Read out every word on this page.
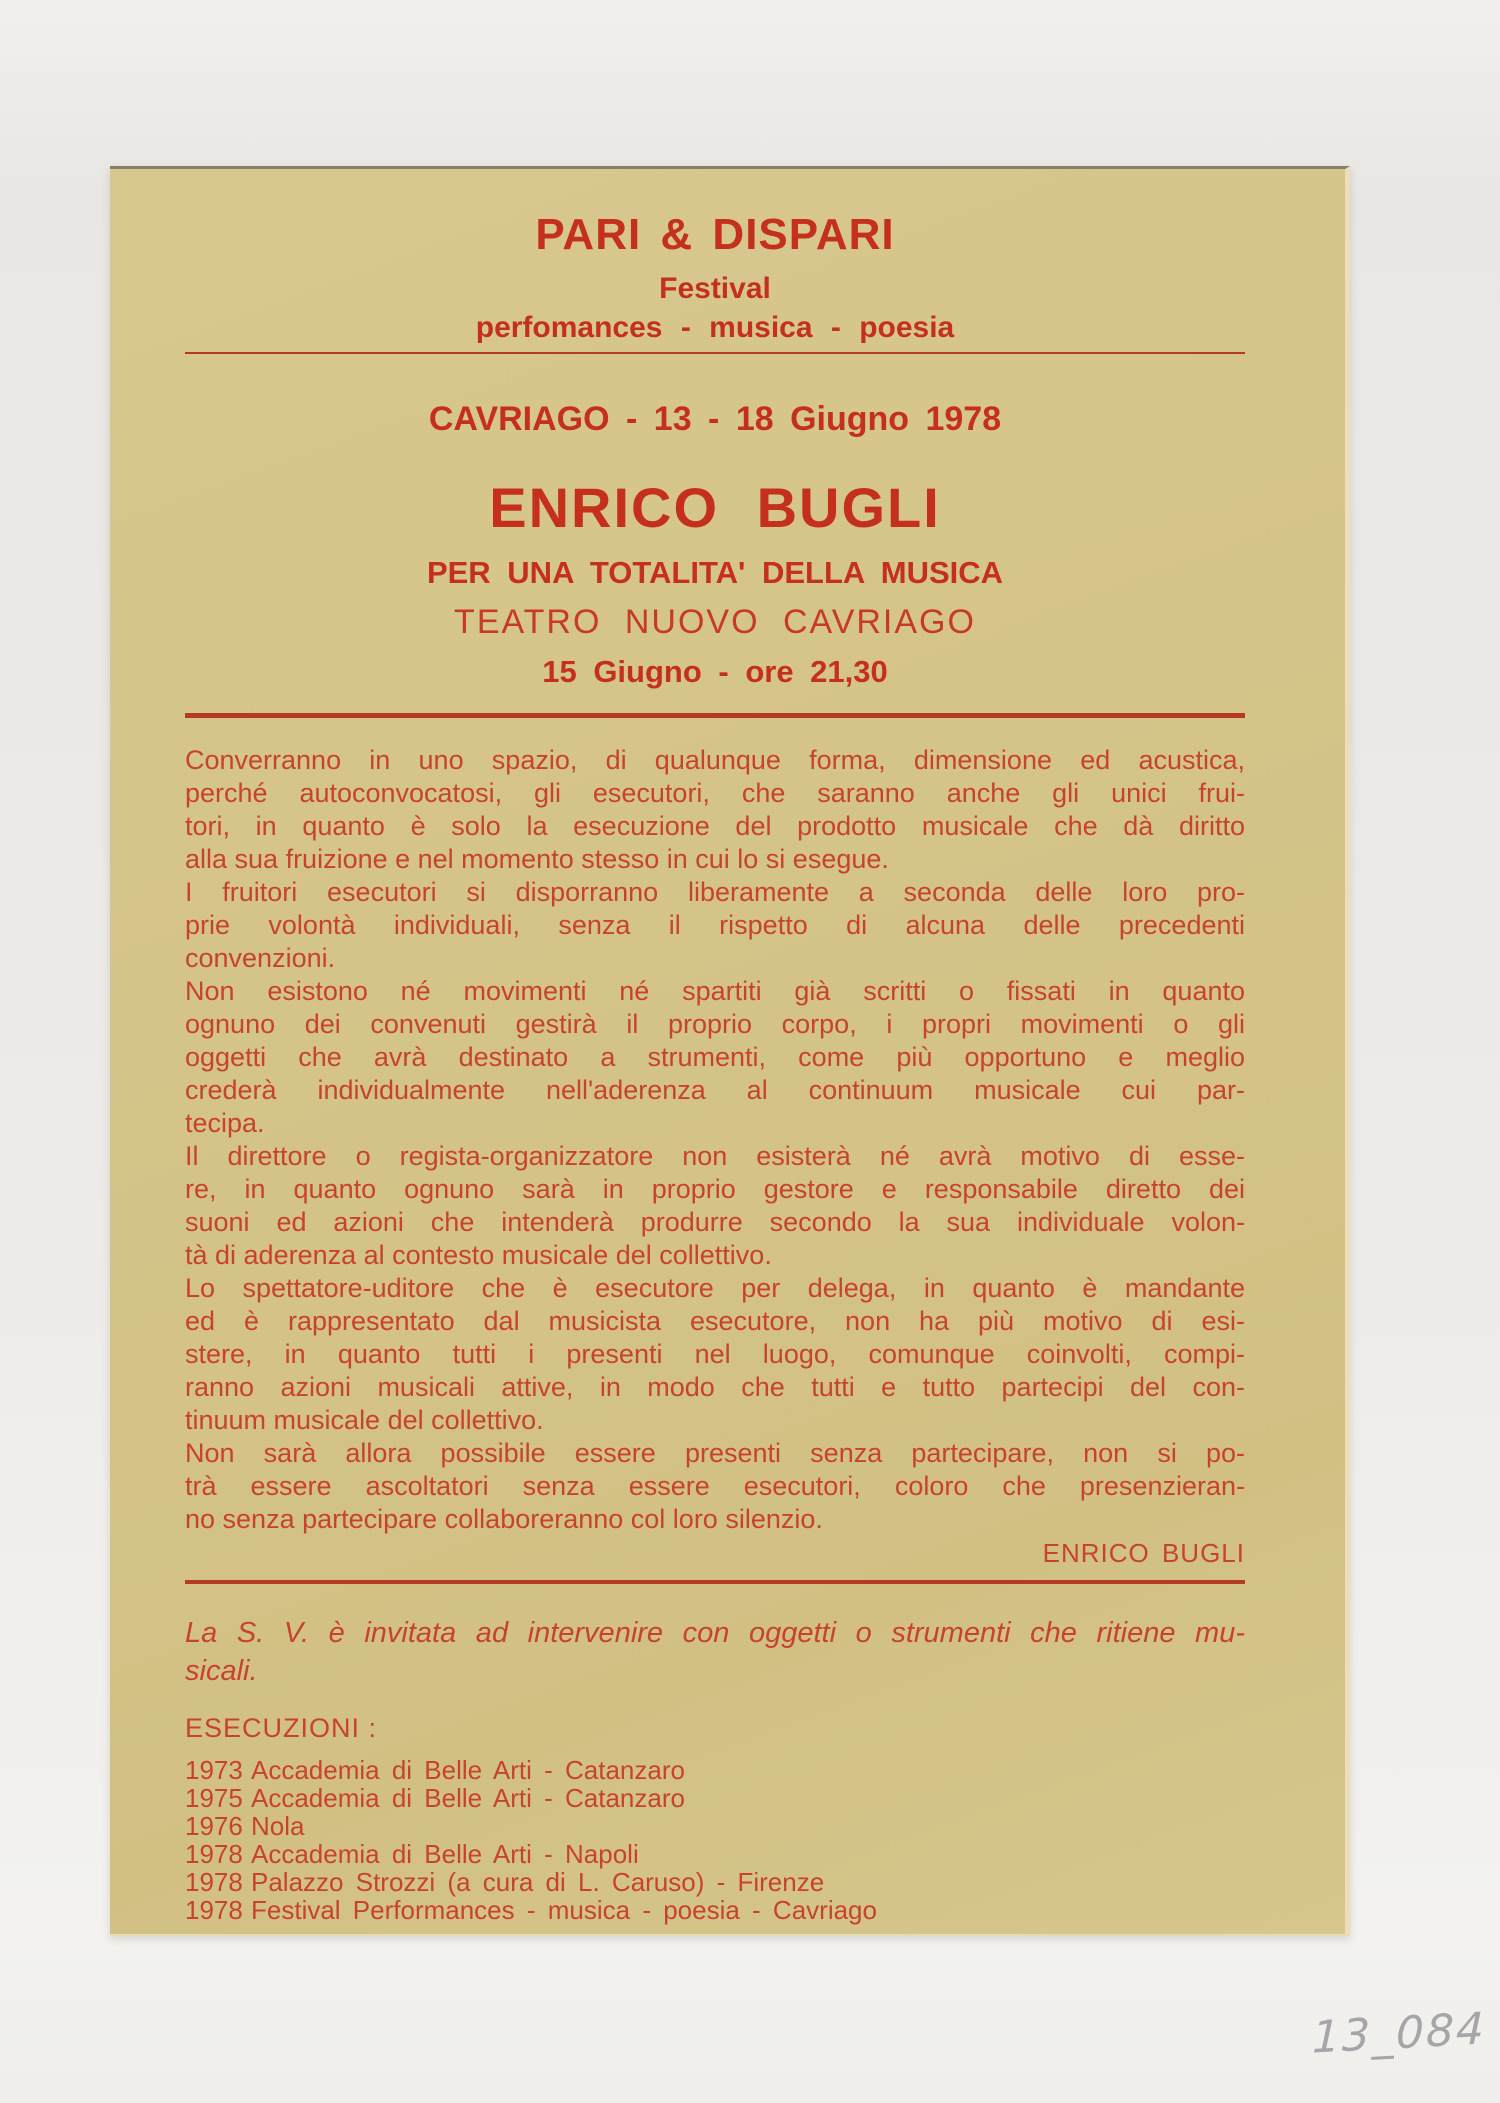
PARI & DISPARI
Festival
perfomances - musica - poesia
CAVRIAGO - 13 - 18 Giugno 1978
ENRICO BUGLI
PER UNA TOTALITA' DELLA MUSICA
TEATRO NUOVO CAVRIAGO
15 Giugno - ore 21,30
Converranno in uno spazio, di qualunque forma, dimensione ed acustica,
perché autoconvocatosi, gli esecutori, che saranno anche gli unici frui-
tori, in quanto è solo la esecuzione del prodotto musicale che dà diritto
alla sua fruizione e nel momento stesso in cui lo si esegue.
I fruitori esecutori si disporranno liberamente a seconda delle loro pro-
prie volontà individuali, senza il rispetto di alcuna delle precedenti
convenzioni.
Non esistono né movimenti né spartiti già scritti o fissati in quanto
ognuno dei convenuti gestirà il proprio corpo, i propri movimenti o gli
oggetti che avrà destinato a strumenti, come più opportuno e meglio
crederà individualmente nell'aderenza al continuum musicale cui par-
tecipa.
Il direttore o regista-organizzatore non esisterà né avrà motivo di esse-
re, in quanto ognuno sarà in proprio gestore e responsabile diretto dei
suoni ed azioni che intenderà produrre secondo la sua individuale volon-
tà di aderenza al contesto musicale del collettivo.
Lo spettatore-uditore che è esecutore per delega, in quanto è mandante
ed è rappresentato dal musicista esecutore, non ha più motivo di esi-
stere, in quanto tutti i presenti nel luogo, comunque coinvolti, compi-
ranno azioni musicali attive, in modo che tutti e tutto partecipi del con-
tinuum musicale del collettivo.
Non sarà allora possibile essere presenti senza partecipare, non si po-
trà essere ascoltatori senza essere esecutori, coloro che presenzieran-
no senza partecipare collaboreranno col loro silenzio.
ENRICO BUGLI
La S. V. è invitata ad intervenire con oggetti o strumenti che ritiene mu-
sicali.
ESECUZIONI :
1973 Accademia di Belle Arti - Catanzaro
1975 Accademia di Belle Arti - Catanzaro
1976 Nola
1978 Accademia di Belle Arti - Napoli
1978 Palazzo Strozzi (a cura di L. Caruso) - Firenze
1978 Festival Performances - musica - poesia - Cavriago
13_084
